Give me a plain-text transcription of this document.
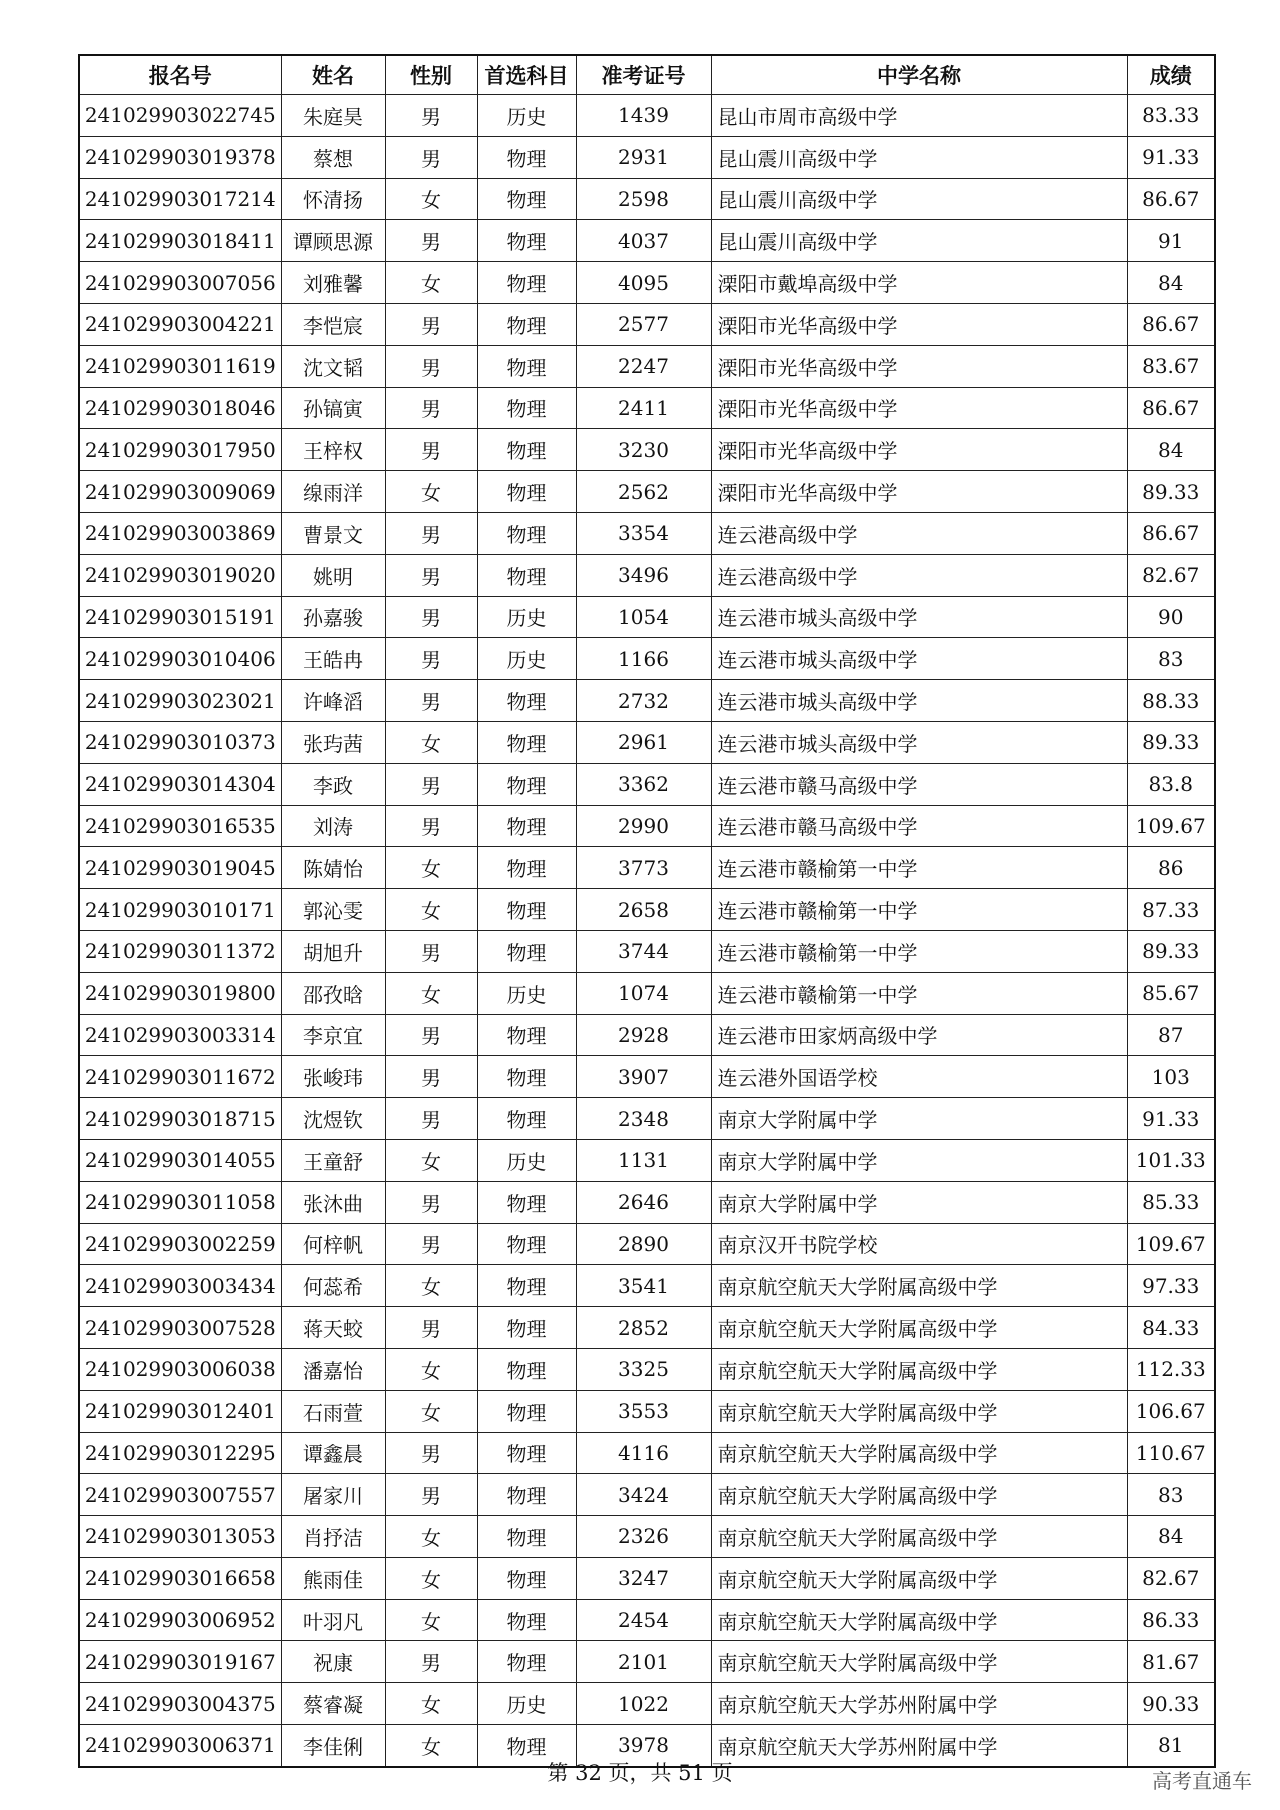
报名号	姓名	性别	首选科目	准考证号	中学名称	成绩
241029903022745	朱庭昊	男	历史	1439	昆山市周市高级中学	83.33
241029903019378	蔡想	男	物理	2931	昆山震川高级中学	91.33
241029903017214	怀清扬	女	物理	2598	昆山震川高级中学	86.67
241029903018411	谭顾思源	男	物理	4037	昆山震川高级中学	91
241029903007056	刘雅馨	女	物理	4095	溧阳市戴埠高级中学	84
241029903004221	李恺宸	男	物理	2577	溧阳市光华高级中学	86.67
241029903011619	沈文韬	男	物理	2247	溧阳市光华高级中学	83.67
241029903018046	孙镐寅	男	物理	2411	溧阳市光华高级中学	86.67
241029903017950	王梓权	男	物理	3230	溧阳市光华高级中学	84
241029903009069	缐雨洋	女	物理	2562	溧阳市光华高级中学	89.33
241029903003869	曹景文	男	物理	3354	连云港高级中学	86.67
241029903019020	姚明	男	物理	3496	连云港高级中学	82.67
241029903015191	孙嘉骏	男	历史	1054	连云港市城头高级中学	90
241029903010406	王皓冉	男	历史	1166	连云港市城头高级中学	83
241029903023021	许峰滔	男	物理	2732	连云港市城头高级中学	88.33
241029903010373	张玙茜	女	物理	2961	连云港市城头高级中学	89.33
241029903014304	李政	男	物理	3362	连云港市赣马高级中学	83.8
241029903016535	刘涛	男	物理	2990	连云港市赣马高级中学	109.67
241029903019045	陈婧怡	女	物理	3773	连云港市赣榆第一中学	86
241029903010171	郭沁雯	女	物理	2658	连云港市赣榆第一中学	87.33
241029903011372	胡旭升	男	物理	3744	连云港市赣榆第一中学	89.33
241029903019800	邵孜晗	女	历史	1074	连云港市赣榆第一中学	85.67
241029903003314	李京宜	男	物理	2928	连云港市田家炳高级中学	87
241029903011672	张峻玮	男	物理	3907	连云港外国语学校	103
241029903018715	沈煜钦	男	物理	2348	南京大学附属中学	91.33
241029903014055	王童舒	女	历史	1131	南京大学附属中学	101.33
241029903011058	张沐曲	男	物理	2646	南京大学附属中学	85.33
241029903002259	何梓帆	男	物理	2890	南京汉开书院学校	109.67
241029903003434	何蕊希	女	物理	3541	南京航空航天大学附属高级中学	97.33
241029903007528	蒋天蛟	男	物理	2852	南京航空航天大学附属高级中学	84.33
241029903006038	潘嘉怡	女	物理	3325	南京航空航天大学附属高级中学	112.33
241029903012401	石雨萱	女	物理	3553	南京航空航天大学附属高级中学	106.67
241029903012295	谭鑫晨	男	物理	4116	南京航空航天大学附属高级中学	110.67
241029903007557	屠家川	男	物理	3424	南京航空航天大学附属高级中学	83
241029903013053	肖抒洁	女	物理	2326	南京航空航天大学附属高级中学	84
241029903016658	熊雨佳	女	物理	3247	南京航空航天大学附属高级中学	82.67
241029903006952	叶羽凡	女	物理	2454	南京航空航天大学附属高级中学	86.33
241029903019167	祝康	男	物理	2101	南京航空航天大学附属高级中学	81.67
241029903004375	蔡睿凝	女	历史	1022	南京航空航天大学苏州附属中学	90.33
241029903006371	李佳俐	女	物理	3978	南京航空航天大学苏州附属中学	81
第 32 页，共 51 页	高考直通车
